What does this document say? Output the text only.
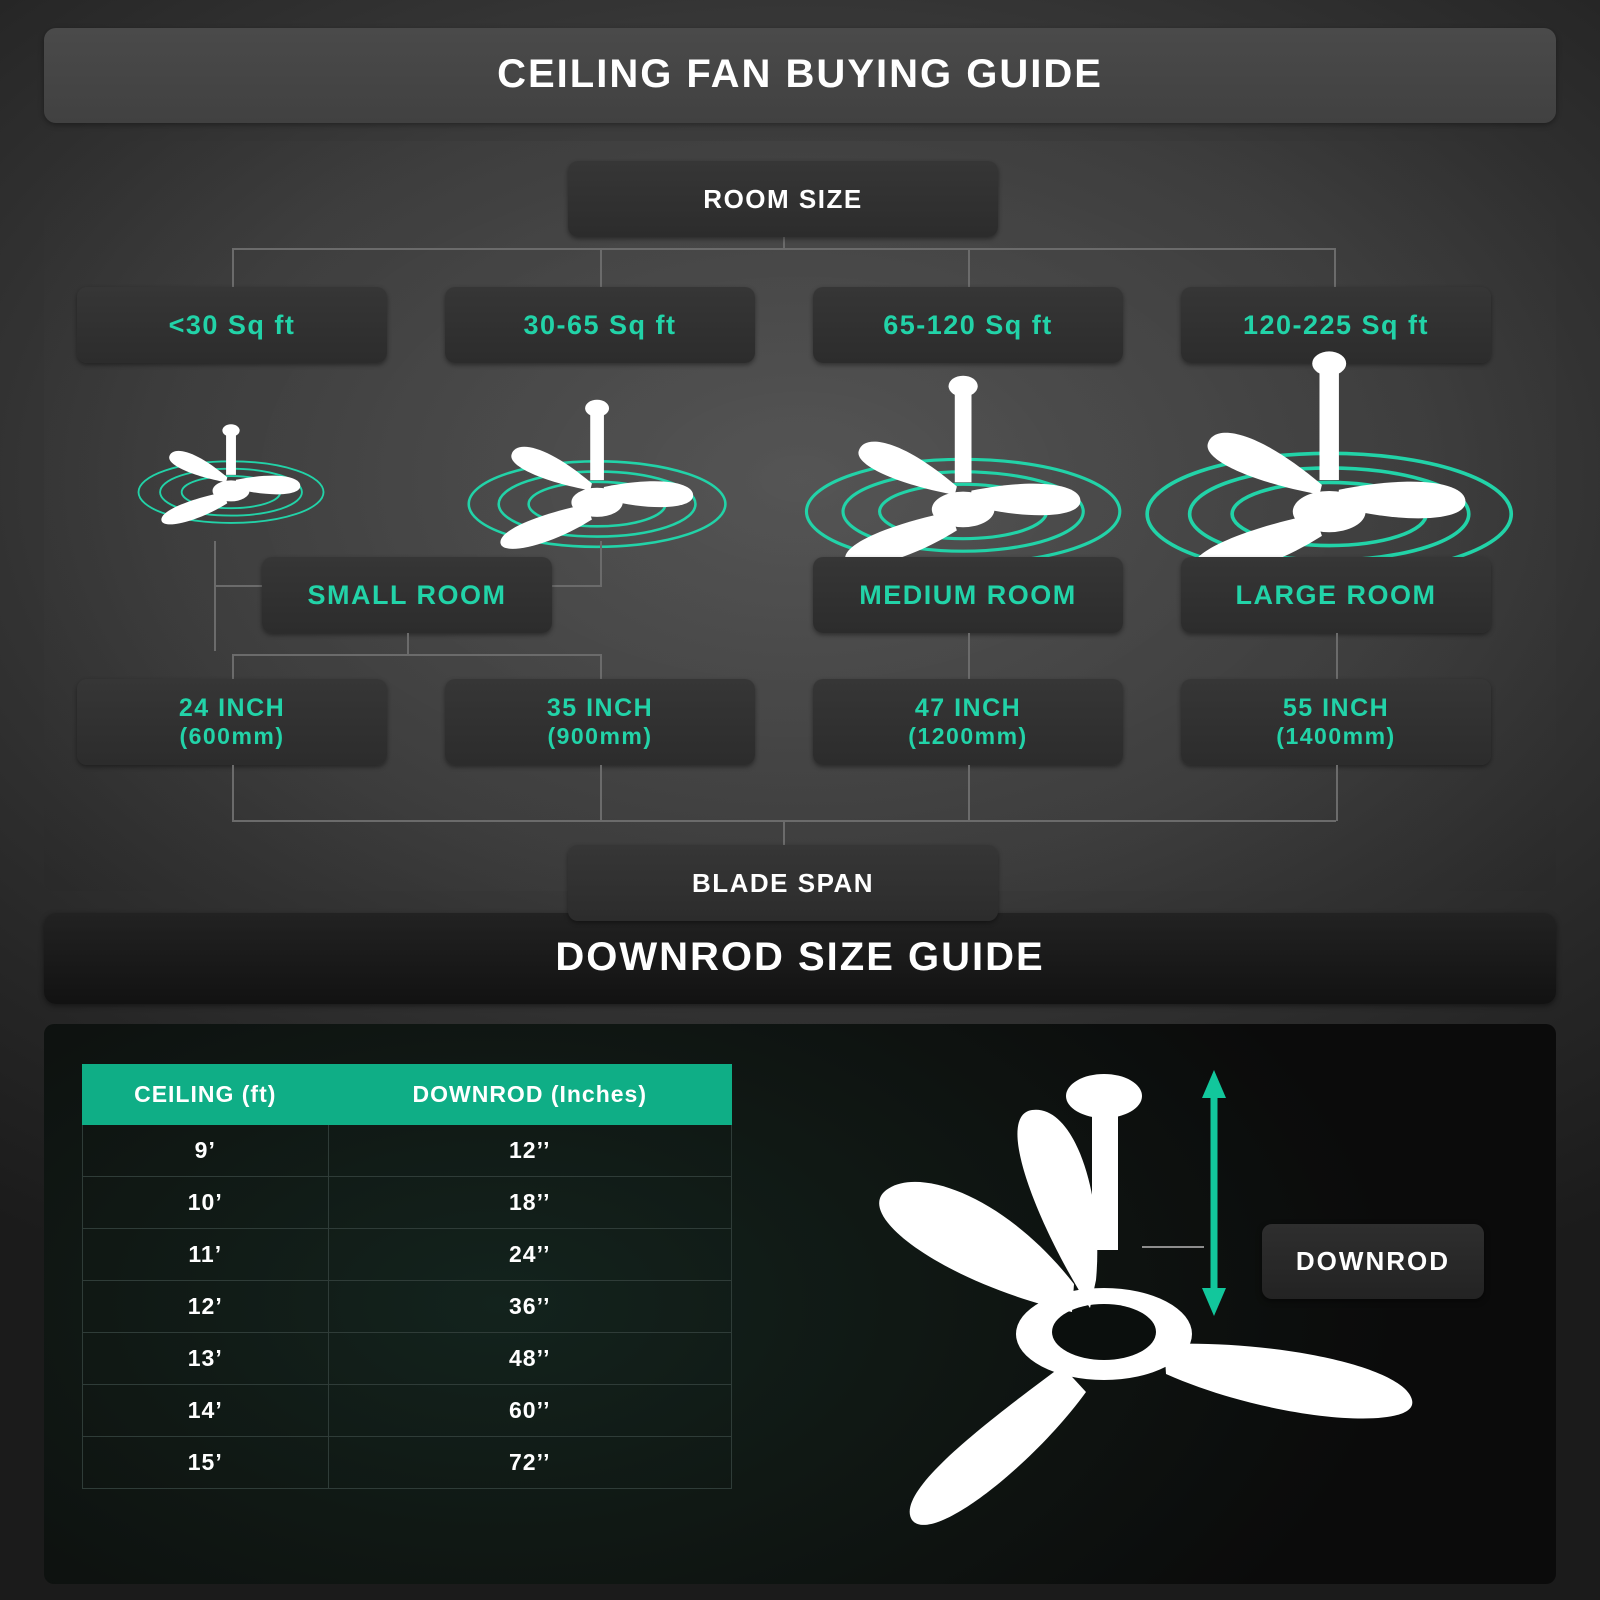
CEILING FAN BUYING GUIDE
ROOM SIZE
<30 Sq ft	30-65 Sq ft	65-120 Sq ft	120-225 Sq ft
SMALL ROOM	MEDIUM ROOM	LARGE ROOM
24 INCH
(600mm)
35 INCH
(900mm)
47 INCH
(1200mm)
55 INCH
(1400mm)
BLADE SPAN
DOWNROD SIZE GUIDE
CEILING (ft)	DOWNROD (Inches)
9’	12’’
10’	18’’
11’	24’’
12’	36’’
13’	48’’
14’	60’’
15’	72’’
DOWNROD
